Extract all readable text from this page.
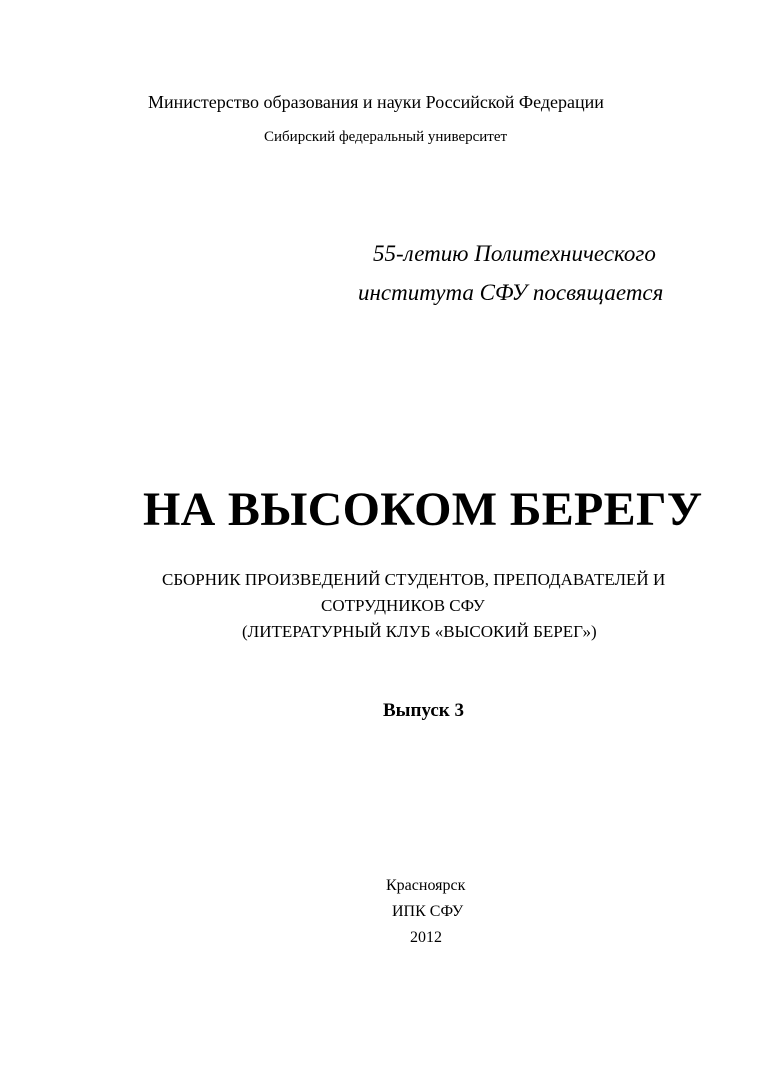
Министерство образования и науки Российской Федерации
Сибирский федеральный университет
55-летию Политехнического
института СФУ посвящается
НА ВЫСОКОМ БЕРЕГУ
СБОРНИК ПРОИЗВЕДЕНИЙ СТУДЕНТОВ, ПРЕПОДАВАТЕЛЕЙ И
СОТРУДНИКОВ СФУ
(ЛИТЕРАТУРНЫЙ КЛУБ «ВЫСОКИЙ БЕРЕГ»)
Выпуск 3
Красноярск
ИПК СФУ
2012
